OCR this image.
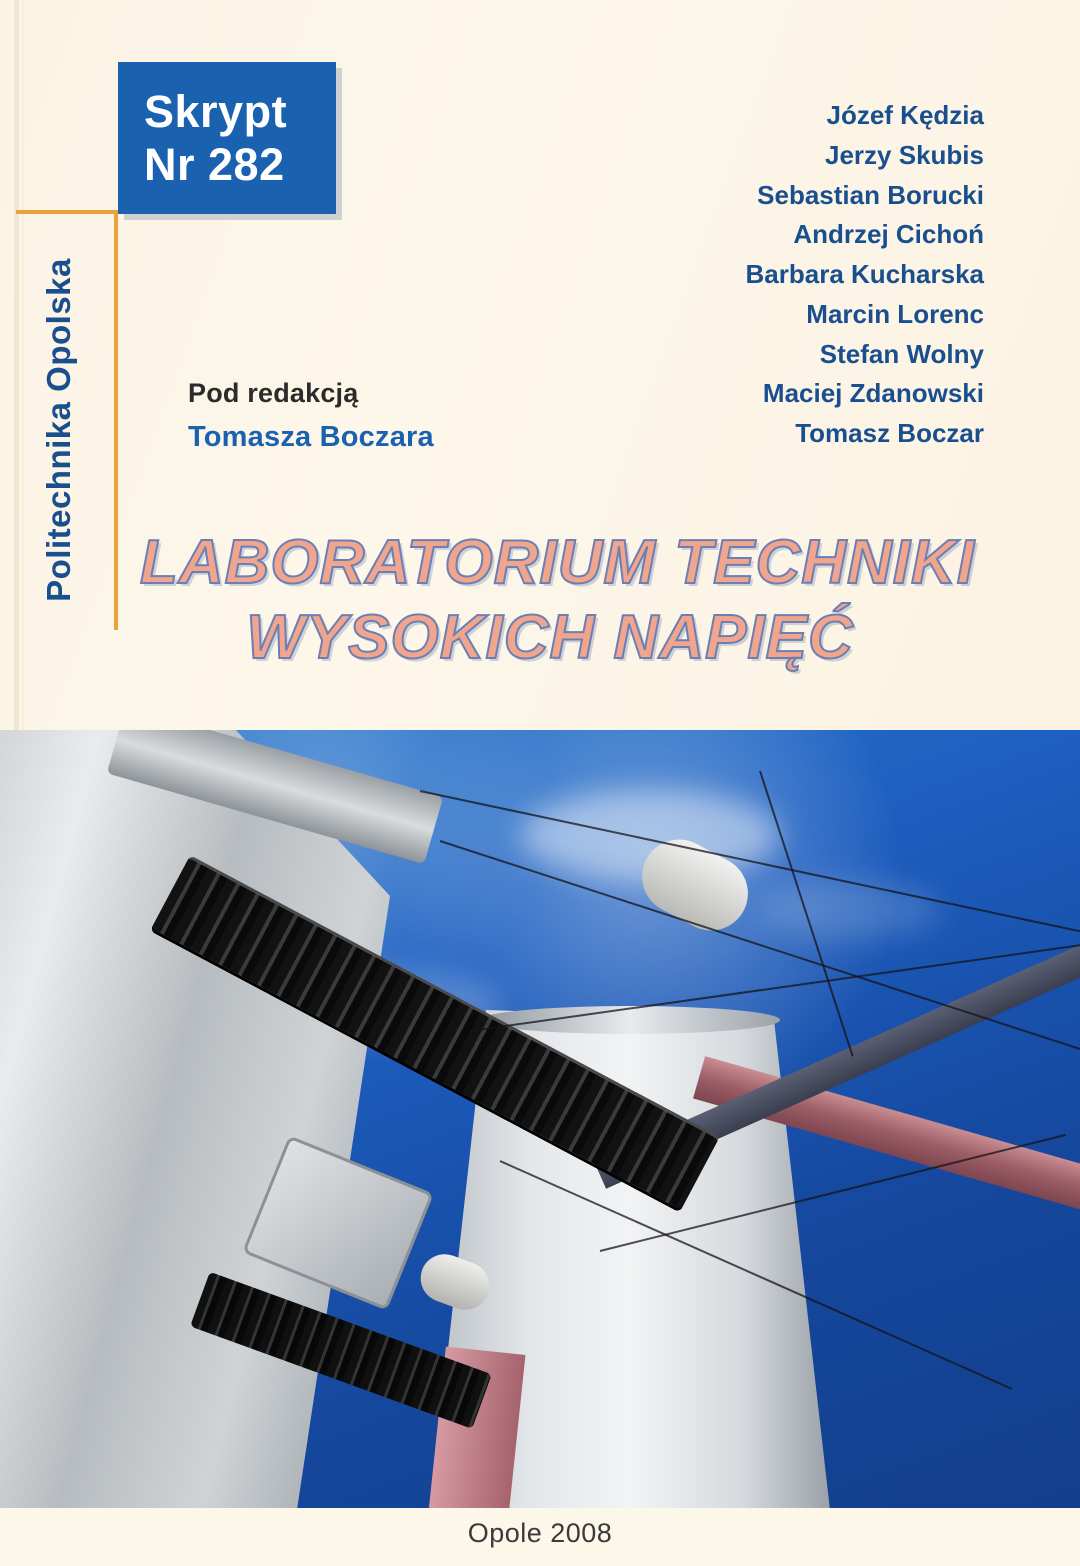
Skrypt
Nr 282
Politechnika Opolska
Józef Kędzia
Jerzy Skubis
Sebastian Borucki
Andrzej Cichoń
Barbara Kucharska
Marcin Lorenc
Stefan Wolny
Maciej Zdanowski
Tomasz Boczar
Pod redakcją
Tomasza Boczara
LABORATORIUM TECHNIKI
WYSOKICH NAPIĘĆ
Opole 2008
